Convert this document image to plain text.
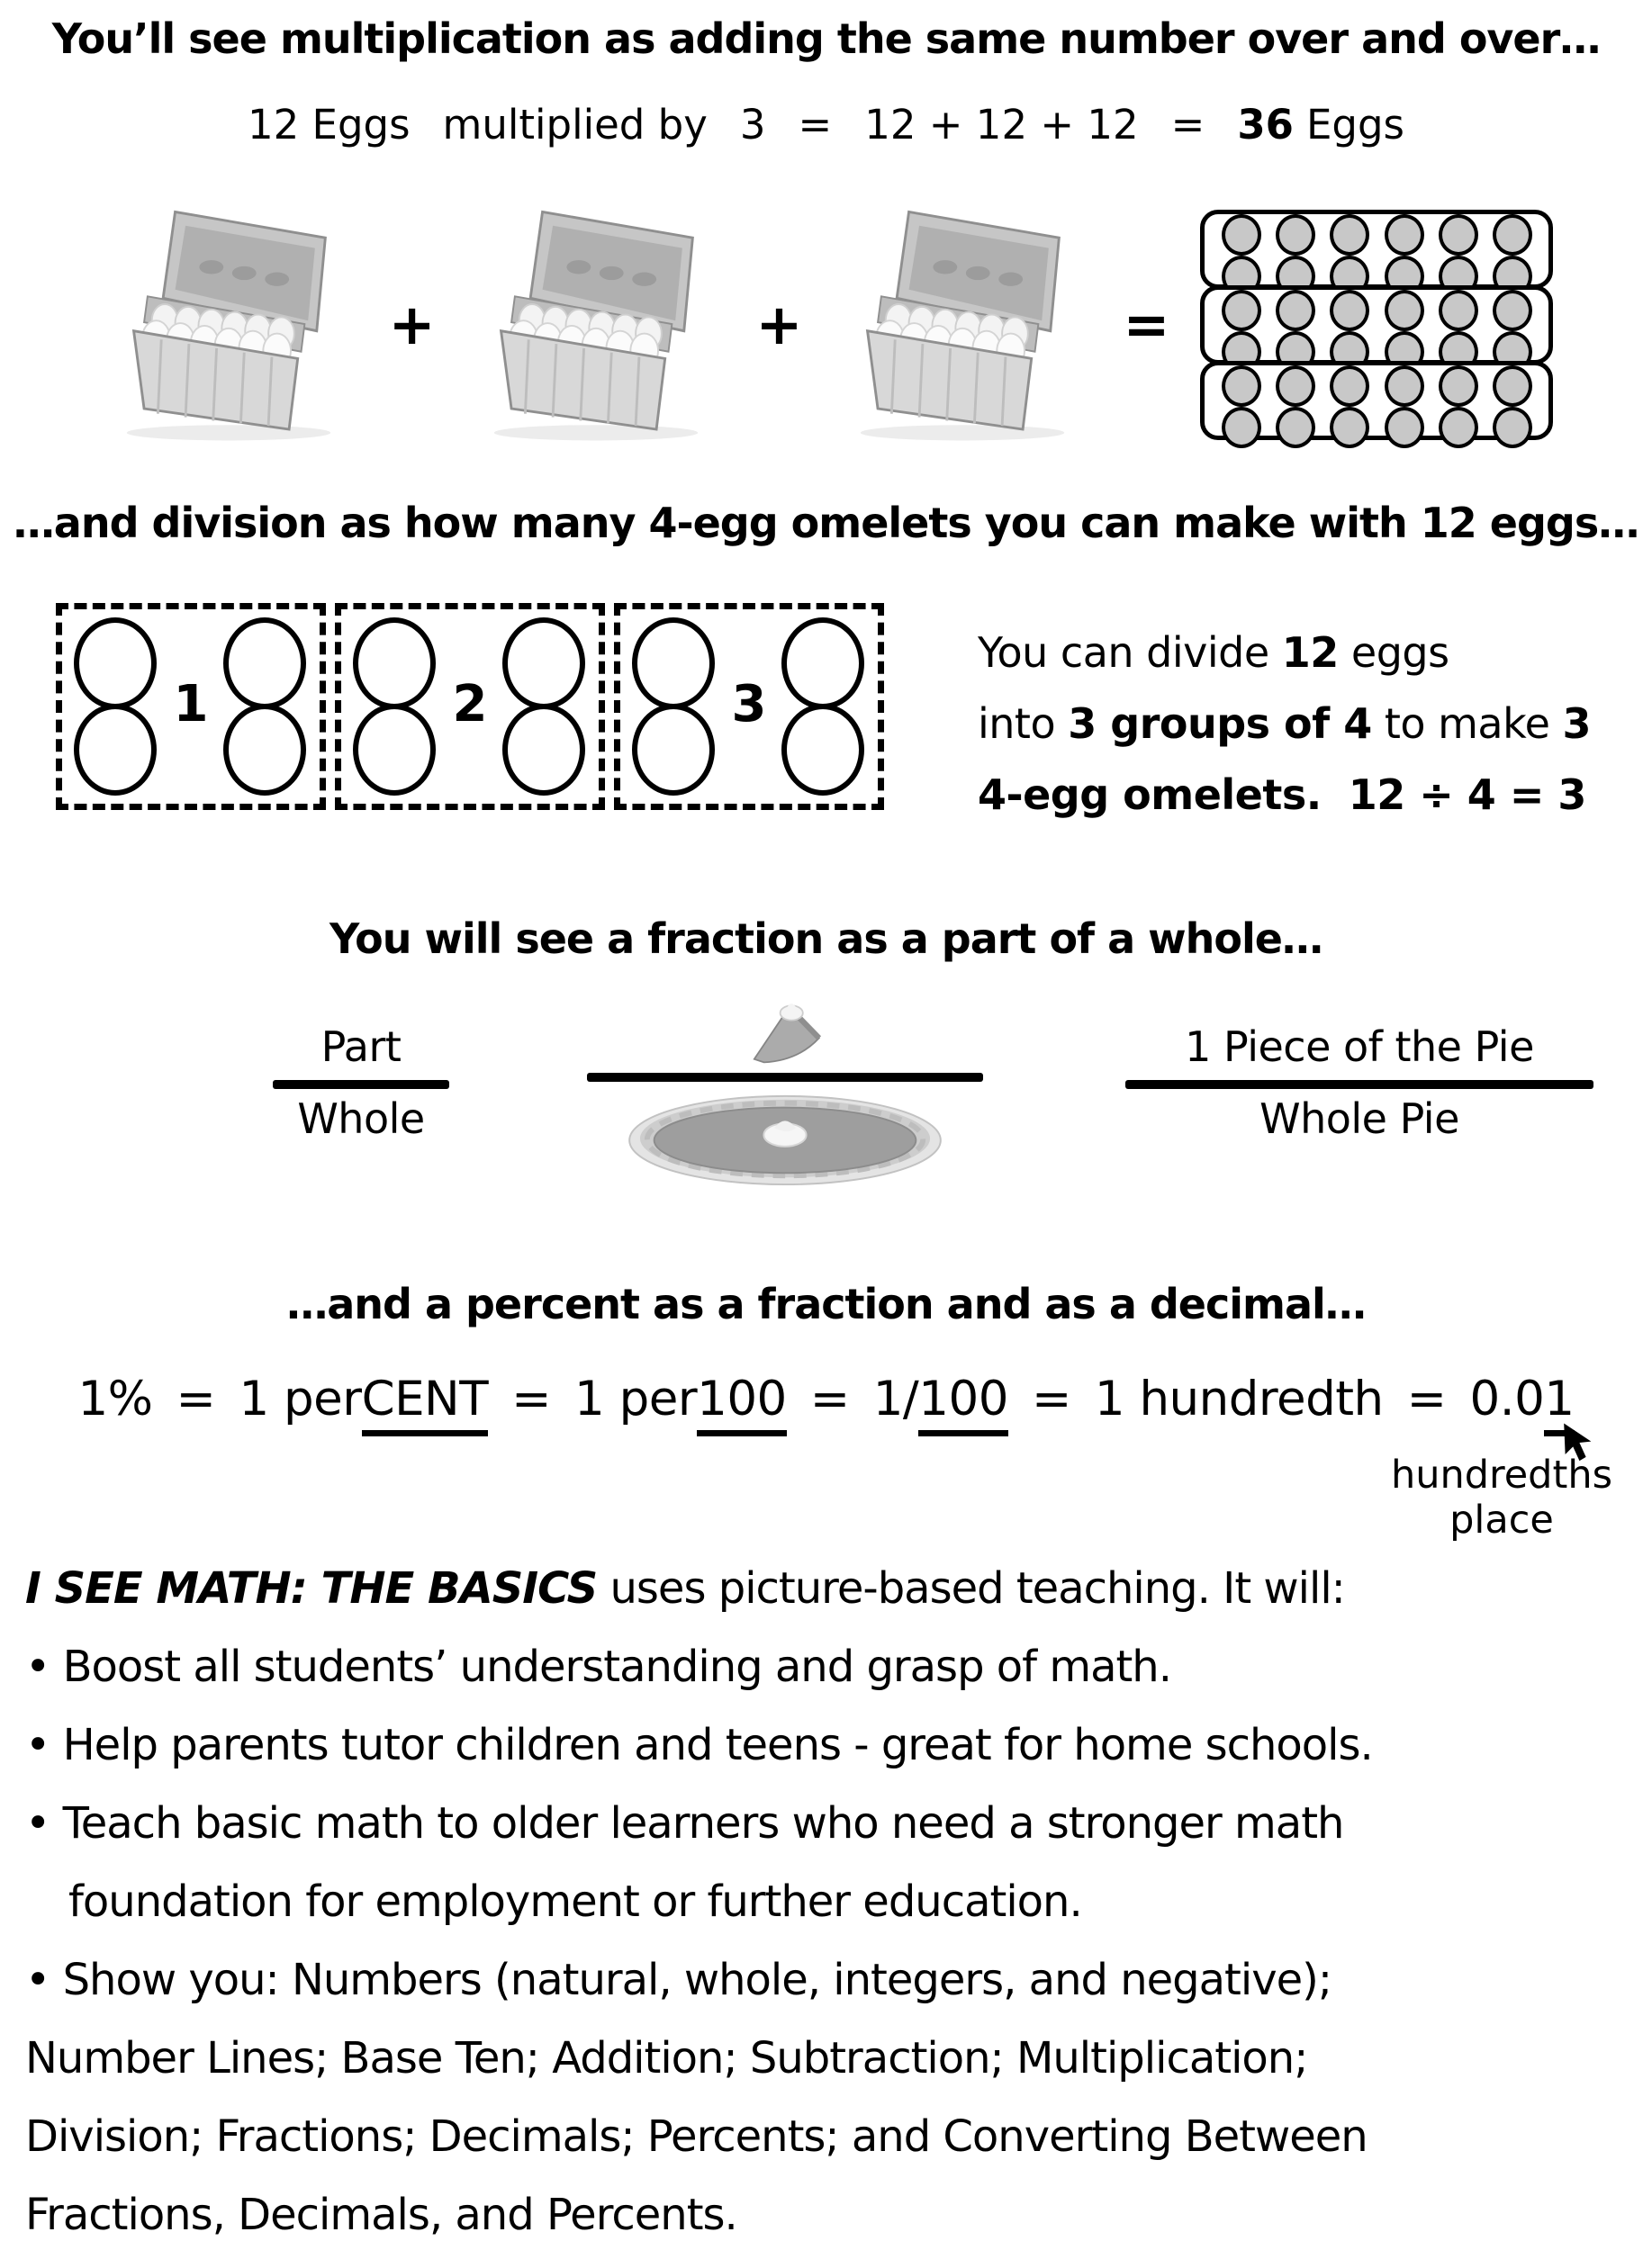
You’ll see multiplication as adding the same number over and over…
12 Eggs multiplied by 3 = 12 + 12 + 12 = 36 Eggs
+	+	=
…and division as how many 4-egg omelets you can make with 12 eggs…
1	2	3
You can divide 12 eggs
into 3 groups of 4 to make 3
4-egg omelets. 12 ÷ 4 = 3
You will see a fraction as a part of a whole…
Part
Whole
1 Piece of the Pie
Whole Pie
…and a percent as a fraction and as a decimal…
1% = 1 perCENT = 1 per100 = 1/100 = 1 hundredth = 0.01
hundredths
place
I SEE MATH: THE BASICS uses picture-based teaching. It will:
• Boost all students’ understanding and grasp of math.
• Help parents tutor children and teens - great for home schools.
• Teach basic math to older learners who need a stronger math
foundation for employment or further education.
• Show you: Numbers (natural, whole, integers, and negative);
Number Lines; Base Ten; Addition; Subtraction; Multiplication;
Division; Fractions; Decimals; Percents; and Converting Between
Fractions, Decimals, and Percents.
